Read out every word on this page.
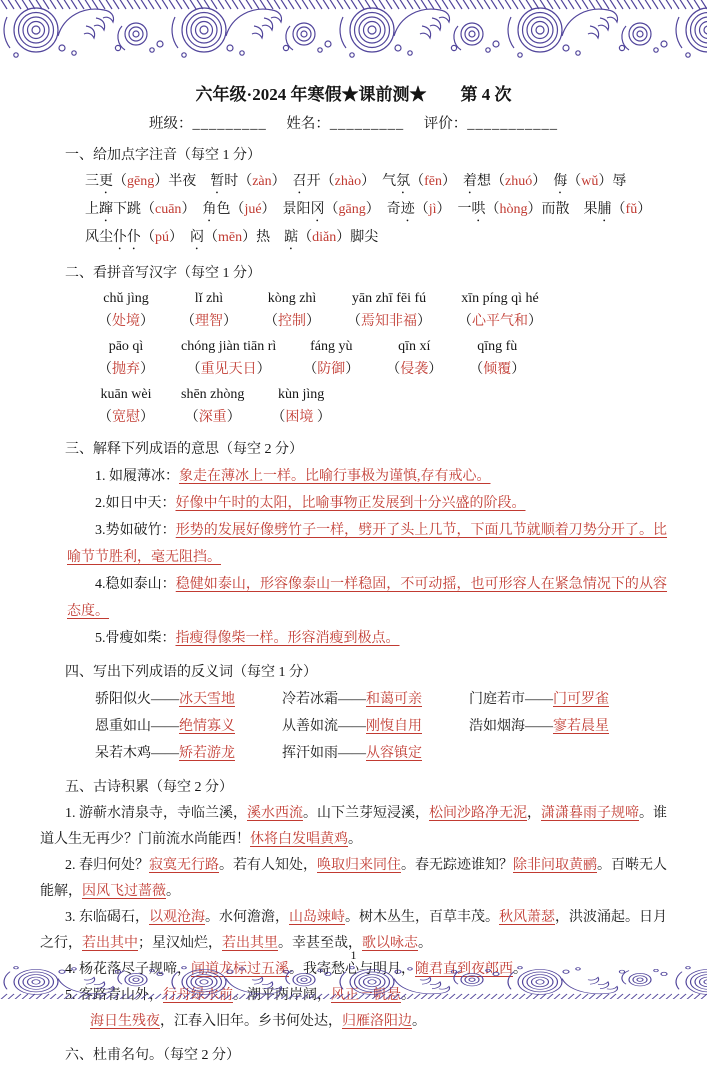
六年级·2024 年寒假★课前测★　　第 4 次
班级：_________ 姓名：_________ 评价：___________
一、给加点字注音（每空 1 分）
三更（gēng）半夜　暂时（zàn）　召开（zhào）　气氛（fēn）　着想（zhuó）　侮（wǔ）辱
上蹿下跳（cuān）　角色（jué）　景阳冈（gāng）　奇迹（jì）　一哄（hòng）而散　果脯（fǔ）
风尘仆仆（pú）　闷（mēn）热　踮（diǎn）脚尖
二、看拼音写汉字（每空 1 分）
chǔ jìng
（处境）
lǐ zhì
（理智）
kòng zhì
（控制）
yān zhī fēi fú
（焉知非福）
xīn píng qì hé
（心平气和）
pāo qì
（抛弃）
chóng jiàn tiān rì
（重见天日）
fáng yù
（防御）
qīn xí
（侵袭）
qīng fù
（倾覆）
kuān wèi
（宽慰）
shēn zhòng
（深重）
kùn jìng
（困境 ）
三、解释下列成语的意思（每空 2 分）
1. 如履薄冰：象走在薄冰上一样。比喻行事极为谨慎,存有戒心。
2.如日中天：好像中午时的太阳，比喻事物正发展到十分兴盛的阶段。
3.势如破竹：形势的发展好像劈竹子一样，劈开了头上几节，下面几节就顺着刀势分开了。比喻节节胜利，毫无阻挡。
4.稳如泰山：稳健如泰山，形容像泰山一样稳固，不可动摇，也可形容人在紧急情况下的从容态度。
5.骨瘦如柴：指瘦得像柴一样。形容消瘦到极点。
四、写出下列成语的反义词（每空 1 分）
骄阳似火——冰天雪地	冷若冰霜——和蔼可亲	门庭若市——门可罗雀
恩重如山——绝情寡义	从善如流——刚愎自用	浩如烟海——寥若晨星
呆若木鸡——矫若游龙	挥汗如雨——从容镇定
五、古诗积累（每空 2 分）

1. 游蕲水清泉寺，寺临兰溪，溪水西流。山下兰芽短浸溪，松间沙路净无泥，潇潇暮雨子规啼。谁道人生无再少？门前流水尚能西！休将白发唱黄鸡。

2. 春归何处？寂寞无行路。若有人知处，唤取归来同住。春无踪迹谁知？除非问取黄鹂。百啭无人能解，因风飞过蔷薇。

3. 东临碣石，以观沧海。水何澹澹，山岛竦峙。树木丛生，百草丰茂。秋风萧瑟，洪波涌起。日月之行，若出其中；星汉灿烂，若出其里。幸甚至哉，歌以咏志。

海日生残夜，江春入旧年。乡书何处达，归雁洛阳边。

六、杜甫名句。（每空 2 分）
1
